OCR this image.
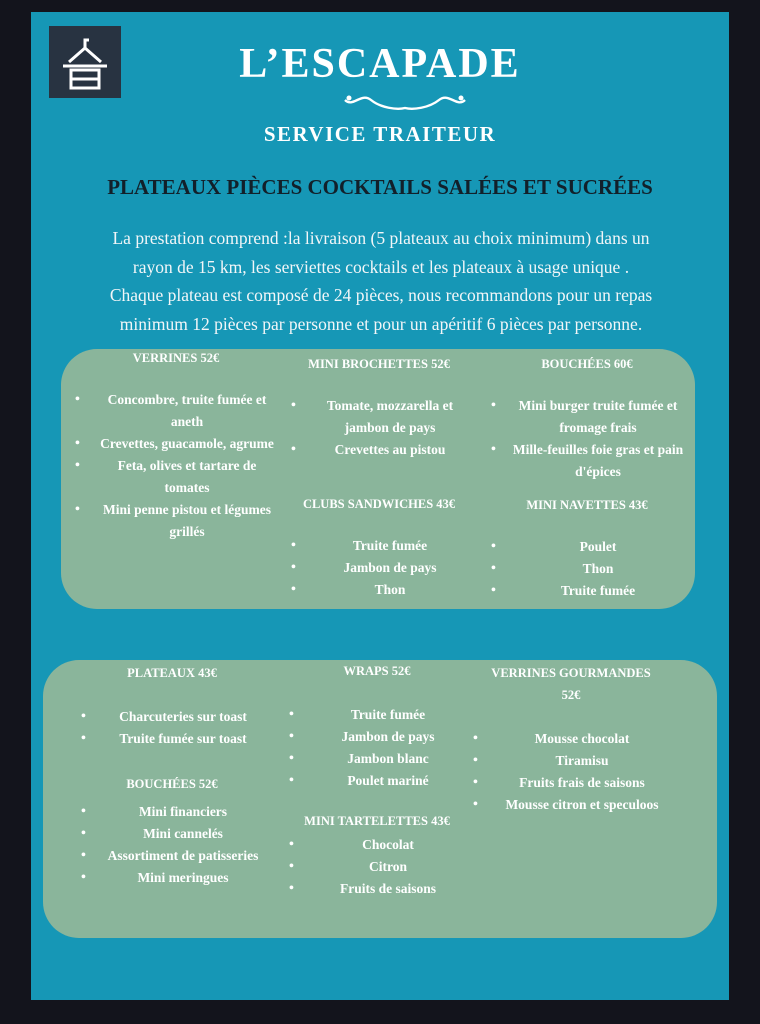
L’ESCAPADE
SERVICE TRAITEUR
PLATEAUX PIÈCES COCKTAILS SALÉES ET SUCRÉES

La prestation comprend :la livraison (5 plateaux au choix minimum) dans un

rayon de 15 km, les serviettes cocktails et les plateaux à usage unique .

Chaque plateau est composé de 24 pièces, nous recommandons pour un repas

minimum 12 pièces par personne et pour un apéritif 6 pièces par personne.

VERRINES 52€
• Concombre, truite fumée et aneth
• Crevettes, guacamole, agrume
• Feta, olives et tartare de tomates
• Mini penne pistou et légumes grillés
MINI BROCHETTES 52€
• Tomate, mozzarella et jambon de pays
• Crevettes au pistou
CLUBS SANDWICHES 43€
• Truite fumée
• Jambon de pays
• Thon
BOUCHÉES 60€
• Mini burger truite fumée et fromage frais
• Mille-feuilles foie gras et pain d'épices
MINI NAVETTES 43€
• Poulet
• Thon
• Truite fumée
PLATEAUX 43€
• Charcuteries sur toast
• Truite fumée sur toast
BOUCHÉES 52€
• Mini financiers
• Mini cannelés
• Assortiment de patisseries
• Mini meringues
WRAPS 52€
• Truite fumée
• Jambon de pays
• Jambon blanc
• Poulet mariné
MINI TARTELETTES 43€
• Chocolat
• Citron
• Fruits de saisons
VERRINES GOURMANDES
52€
• Mousse chocolat
• Tiramisu
• Fruits frais de saisons
• Mousse citron et speculoos
